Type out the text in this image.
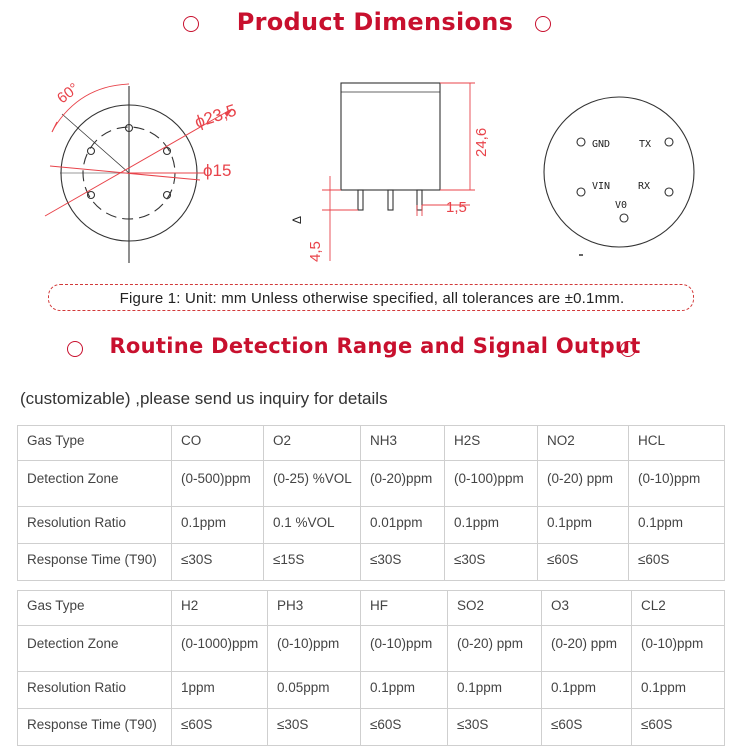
Product Dimensions
60°
ϕ23,5
ϕ15
24,6
1,5
4,5
Δ
GND	TX
VIN	RX
V0
Figure 1: Unit: mm Unless otherwise specified, all tolerances are ±0.1mm.
Routine Detection Range and Signal Output
(customizable) ,please send us inquiry for details
Gas Type	CO	O2	NH3	H2S	NO2	HCL
Detection Zone	(0-500)ppm	(0-25) %VOL	(0-20)ppm	(0-100)ppm	(0-20) ppm	(0-10)ppm
Resolution Ratio	0.1ppm	0.1 %VOL	0.01ppm	0.1ppm	0.1ppm	0.1ppm
Response Time (T90)	≤30S	≤15S	≤30S	≤30S	≤60S	≤60S
Gas Type	H2	PH3	HF	SO2	O3	CL2
Detection Zone	(0-1000)ppm	(0-10)ppm	(0-10)ppm	(0-20) ppm	(0-20) ppm	(0-10)ppm
Resolution Ratio	1ppm	0.05ppm	0.1ppm	0.1ppm	0.1ppm	0.1ppm
Response Time (T90)	≤60S	≤30S	≤60S	≤30S	≤60S	≤60S
